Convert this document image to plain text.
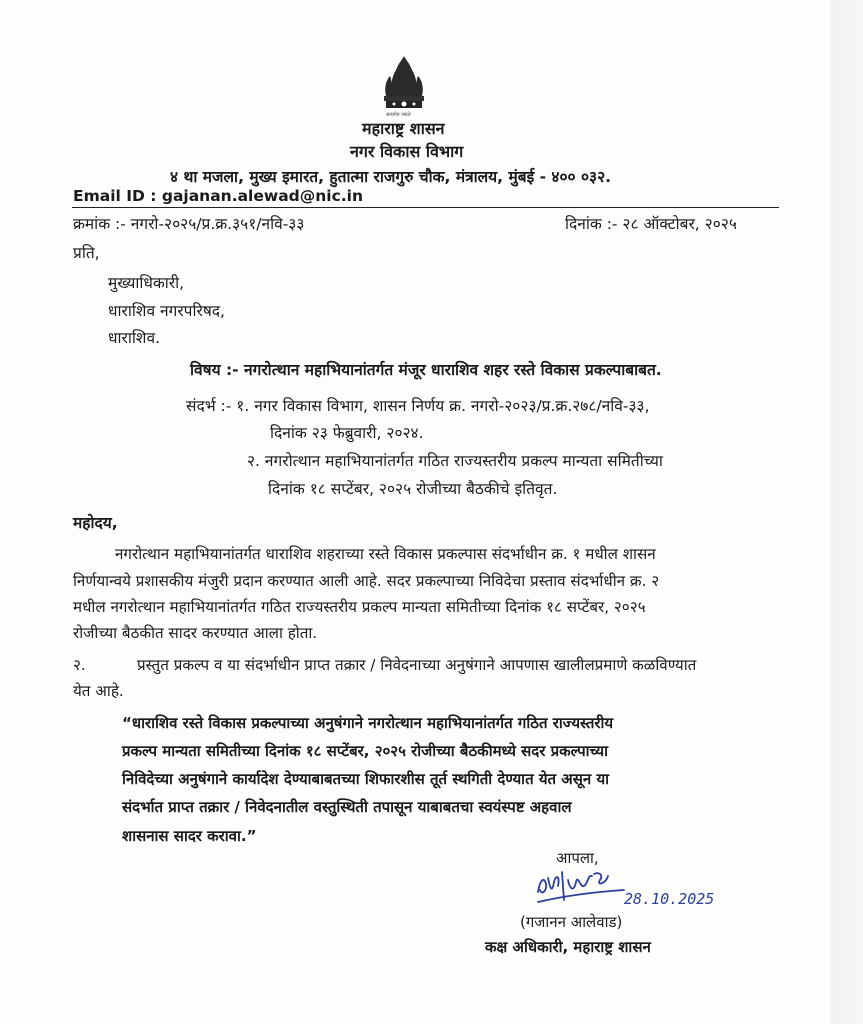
सत्यमेव जयते
महाराष्ट्र शासन
नगर विकास विभाग
४ था मजला, मुख्य इमारत, हुतात्मा राजगुरु चौक, मंत्रालय, मुंबई - ४०० ०३२.
Email ID : gajanan.alewad@nic.in
क्रमांक :- नगरो-२०२५/प्र.क्र.३५१/नवि-३३	दिनांक :- २८ ऑक्टोबर, २०२५
प्रति,
मुख्याधिकारी,
धाराशिव नगरपरिषद,
धाराशिव.
विषय :- नगरोत्थान महाभियानांतर्गत मंजूर धाराशिव शहर रस्ते विकास प्रकल्पाबाबत.
संदर्भ :- १. नगर विकास विभाग, शासन निर्णय क्र. नगरो-२०२३/प्र.क्र.२७८/नवि-३३,
दिनांक २३ फेब्रुवारी, २०२४.
२. नगरोत्थान महाभियानांतर्गत गठित राज्यस्तरीय प्रकल्प मान्यता समितीच्या
दिनांक १८ सप्टेंबर, २०२५ रोजीच्या बैठकीचे इतिवृत.
महोदय,
नगरोत्थान महाभियानांतर्गत धाराशिव शहराच्या रस्ते विकास प्रकल्पास संदर्भाधीन क्र. १ मधील शासन
निर्णयान्वये प्रशासकीय मंजुरी प्रदान करण्यात आली आहे. सदर प्रकल्पाच्या निविदेचा प्रस्ताव संदर्भाधीन क्र. २
मधील नगरोत्थान महाभियानांतर्गत गठित राज्यस्तरीय प्रकल्प मान्यता समितीच्या दिनांक १८ सप्टेंबर, २०२५
रोजीच्या बैठकीत सादर करण्यात आला होता.
२.	प्रस्तुत प्रकल्प व या संदर्भाधीन प्राप्त तक्रार / निवेदनाच्या अनुषंगाने आपणास खालीलप्रमाणे कळविण्यात
येत आहे.
“धाराशिव रस्ते विकास प्रकल्पाच्या अनुषंगाने नगरोत्थान महाभियानांतर्गत गठित राज्यस्तरीय
प्रकल्प मान्यता समितीच्या दिनांक १८ सप्टेंबर, २०२५ रोजीच्या बैठकीमध्ये सदर प्रकल्पाच्या
निविदेच्या अनुषंगाने कार्यादेश देण्याबाबतच्या शिफारशीस तूर्त स्थगिती देण्यात येत असून या
संदर्भात प्राप्त तक्रार / निवेदनातील वस्तुस्थिती तपासून याबाबतचा स्वयंस्पष्ट अहवाल
शासनास सादर करावा.”
आपला,
28.10.2025
(गजानन आलेवाड)
कक्ष अधिकारी, महाराष्ट्र शासन
